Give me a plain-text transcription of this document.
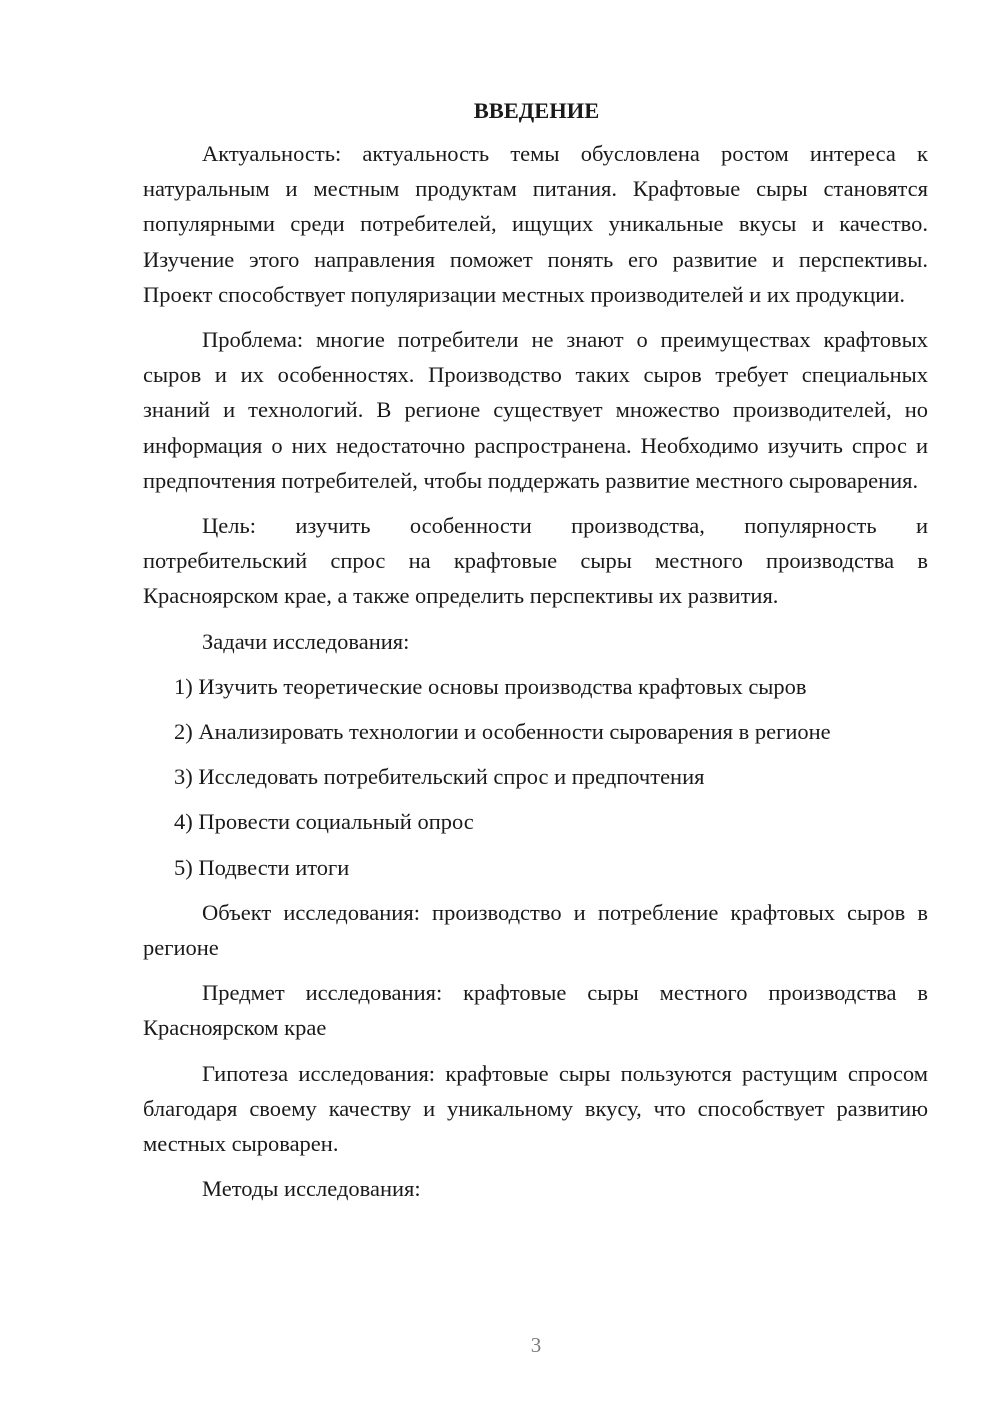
ВВЕДЕНИЕ

Актуальность: актуальность темы обусловлена ростом интереса к натуральным и местным продуктам питания. Крафтовые сыры становятся популярными среди потребителей, ищущих уникальные вкусы и качество. Изучение этого направления поможет понять его развитие и перспективы. Проект способствует популяризации местных производителей и их продукции.

Проблема: многие потребители не знают о преимуществах крафтовых сыров и их особенностях. Производство таких сыров требует специальных знаний и технологий. В регионе существует множество производителей, но информация о них недостаточно распространена. Необходимо изучить спрос и предпочтения потребителей, чтобы поддержать развитие местного сыроварения.

Цель: изучить особенности производства, популярность и потребительский спрос на крафтовые сыры местного производства в Красноярском крае, а также определить перспективы их развития.

Задачи исследования:

1) Изучить теоретические основы производства крафтовых сыров
2) Анализировать технологии и особенности сыроварения в регионе
3) Исследовать потребительский спрос и предпочтения
4) Провести социальный опрос
5) Подвести итоги

Объект исследования: производство и потребление крафтовых сыров в регионе

Предмет исследования: крафтовые сыры местного производства в Красноярском крае

Гипотеза исследования: крафтовые сыры пользуются растущим спросом благодаря своему качеству и уникальному вкусу, что способствует развитию местных сыроварен.

Методы исследования:

3
